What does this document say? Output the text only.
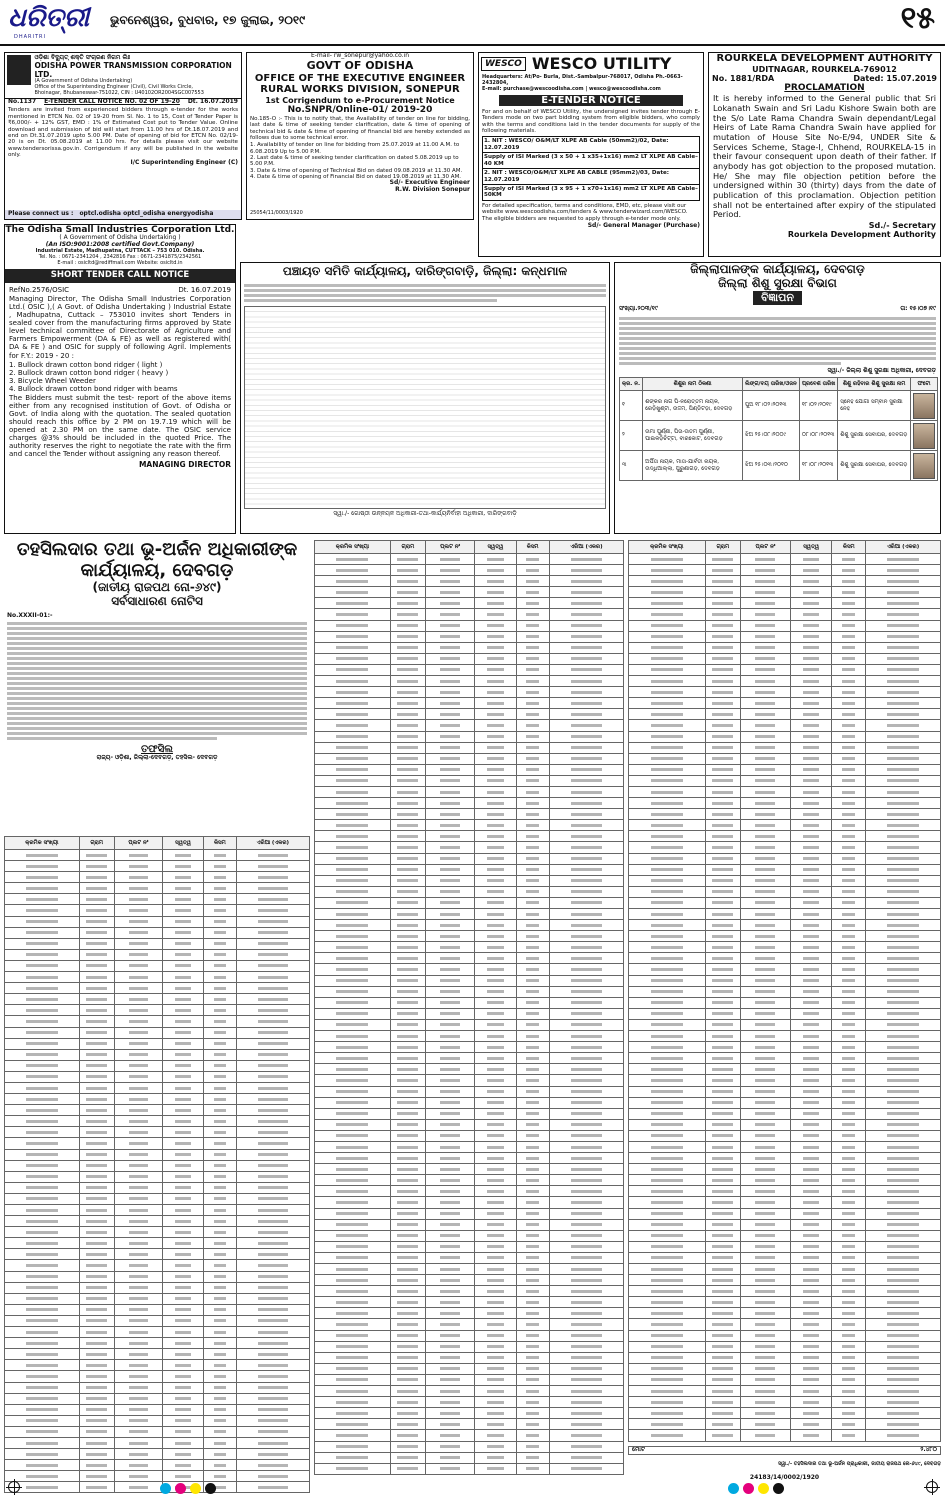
ଧରିତ୍ରୀ
DHARITRI
ଭୁବନେଶ୍ୱର, ବୁଧବାର, ୧୭ ଜୁଲାଇ, ୨୦୧୯	୧୫
ଓଡ଼ିଶା ବିଦ୍ୟୁତ୍ ଶକ୍ତି ସଂଚାରଣ ନିଗମ ଲିଃ
ODISHA POWER TRANSMISSION CORPORATION LTD.
(A Government of Odisha Undertaking)
Office of the Superintending Engineer (Civil), Civil Works Circle,
Bhoinagar, Bhubaneswar-751022, CIN : U40102OR2004SGC007553
No.1137 E-TENDER CALL NOTICE NO. 02 OF 19-20 Dt. 16.07.2019
Tenders are invited from experienced bidders through e-tender for the works mentioned in ETCN No. 02 of 19-20 from Sl. No. 1 to 15, Cost of Tender Paper is ₹6,000/- + 12% GST, EMD : 1% of Estimated Cost put to Tender Value. Online download and submission of bid will start from 11.00 hrs of Dt.18.07.2019 and end on Dt.31.07.2019 upto 5.00 PM. Date of opening of bid for ETCN No. 02/19-20 is on Dt. 05.08.2019 at 11.00 hrs. For details please visit our website www.tendersorissa.gov.in. Corrigendum if any will be published in the website only.
I/C Superintending Engineer (C)
Please connect us : optcl.odisha optcl_odisha energyodisha
E-mail- rw_sonepur@yahoo.co.in
GOVT OF ODISHA
OFFICE OF THE EXECUTIVE ENGINEER
RURAL WORKS DIVISION, SONEPUR
1st Corrigendum to e-Procurement Notice
No.SNPR/Online-01/ 2019-20
No.185-O :- This is to notify that, the Availability of tender on line for bidding, last date & time of seeking tender clarification, date & time of opening of technical bid & date & time of opening of financial bid are hereby extended as follows due to some technical error.
1. Availability of tender on line for bidding from 25.07.2019 at 11.00 A.M. to 6.08.2019 Up to 5.00 P.M.
2. Last date & time of seeking tender clarification on dated 5.08.2019 up to 5.00 P.M.
3. Date & time of opening of Technical Bid on dated 09.08.2019 at 11.30 AM.
4. Date & time of opening of Financial Bid on dated 19.08.2019 at 11.30 AM.
Sd/- Executive Engineer
R.W. Division Sonepur
25054/11/0003/1920
WESCO WESCO UTILITY
Headquarters: At/Po- Burla, Dist.-Sambalpur-768017, Odisha Ph.-0663-2432804,
E-mail: purchase@wescoodisha.com | wesco@wescoodisha.com
E-TENDER NOTICE
For and on behalf of WESCO Utility, the undersigned invites tender through E-Tenders mode on two part bidding system from eligible bidders, who comply with the terms and conditions laid in the tender documents for supply of the following materials.
1. NIT : WESCO/ O&M/LT XLPE AB Cable (50mm2)/02, Date: 12.07.2019
Supply of ISI Marked (3 x 50 + 1 x35+1x16) mm2 LT XLPE AB Cable– 40 KM
2. NIT : WESCO/O&M/LT XLPE AB CABLE (95mm2)/03, Date: 12.07.2019
Supply of ISI Marked (3 x 95 + 1 x70+1x16) mm2 LT XLPE AB Cable– 50KM
For detailed specification, terms and conditions, EMD, etc, please visit our website www.wescoodisha.com/tenders & www.tenderwizard.com/WESCO.
The eligible bidders are requested to apply through e-tender mode only.
Sd/- General Manager (Purchase)
ROURKELA DEVELOPMENT AUTHORITY
UDITNAGAR, ROURKELA-769012
No. 1881/RDA	Dated: 15.07.2019
PROCLAMATION
It is hereby informed to the General public that Sri Lokanath Swain and Sri Ladu Kishore Swain both are the S/o Late Rama Chandra Swain dependant/Legal Heirs of Late Rama Chandra Swain have applied for mutation of House Site No-E/94, UNDER Site & Services Scheme, Stage-I, Chhend, ROURKELA-15 in their favour consequent upon death of their father. If anybody has got objection to the proposed mutation. He/ She may file objection petition before the undersigned within 30 (thirty) days from the date of publication of this proclamation. Objection petition shall not be entertained after expiry of the stipulated Period.
Sd./- Secretary
Rourkela Development Authority
The Odisha Small Industries Corporation Ltd.
( A Government of Odisha Undertaking )
(An ISO:9001:2008 certified Govt.Company)
Industrial Estate, Madhupatna, CUTTACK – 753 010. Odisha.
Tel. No. : 0671-2341204 , 2342816 Fax : 0671-2341875/2342561
E-mail : osicltd@rediffmail.com Website: osicltd.in
SHORT TENDER CALL NOTICE
RefNo.2576/OSIC	Dt. 16.07.2019
Managing Director, The Odisha Small Industries Corporation Ltd.( OSIC ),( A Govt. of Odisha Undertaking ) Industrial Estate , Madhupatna, Cuttack – 753010 invites short Tenders in sealed cover from the manufacturing firms approved by State level technical committee of Directorate of Agriculture and Farmers Empowerment (DA & FE) as well as registered with( DA & FE ) and OSIC for supply of following Agril. Implements for F.Y.: 2019 - 20 :
1. Bullock drawn cotton bond ridger ( light )
2. Bullock drawn cotton bond ridger ( heavy )
3. Bicycle Wheel Weeder
4. Bullock drawn cotton bond ridger with beams
The Bidders must submit the test- report of the above items either from any recognised institution of Govt. of Odisha or Govt. of India along with the quotation. The sealed quotation should reach this office by 2 PM on 19.7.19 which will be opened at 2.30 PM on the same date. The OSIC service charges @3% should be included in the quoted Price. The authority reserves the right to negotiate the rate with the firm and cancel the Tender without assigning any reason thereof.
MANAGING DIRECTOR
ପଞ୍ଚାୟତ ସମିତି କାର୍ଯ୍ୟାଳୟ, ଦାରିଙ୍ଗବାଡ଼ି, ଜିଲ୍ଲା: କନ୍ଧମାଳ
ସ୍ୱା./- ଗୋଷ୍ଠୀ ଉନ୍ନୟନ ଅଧିକାରୀ-ତଥା-କାର୍ଯ୍ୟନିର୍ବାହୀ ଅଧିକାରୀ, ଦାରିଙ୍ଗବାଡ଼ି
ଜିଲ୍ଲାପାଳଙ୍କ କାର୍ଯ୍ୟାଳୟ, ଦେବଗଡ଼
ଜିଲ୍ଲା ଶିଶୁ ସୁରକ୍ଷା ବିଭାଗ
ବିଜ୍ଞାପନ
ସଂଖ୍ୟା.୨୦୩/୧୯	ତା: ୧୫।୦୭।୧୯
ସ୍ୱା./- ଜିଲ୍ଲା ଶିଶୁ ସୁରକ୍ଷା ଅଧିକାରୀ, ଦେବଗଡ଼
କ୍ର. ନ.	ଶିଶୁର ନାମ ଠିକଣା	ଲିଙ୍ଗ/ବୟ ତାରିଖ/ଓଜନ	ପ୍ରବେଶ ତାରିଖ	ଶିଶୁ ରହିବାର ଶିଶୁ ସୁରକ୍ଷା ନାମ	ଫଟୋ
୧	ଶଙ୍କର ନାଗ ପି-ନରୋତ୍ତମ ନାୟକ, ରେଡ଼ିଖୁଣ୍ଟା, ଉଦ୍ଦମ, ପିଣ୍ଡିଟଡ଼ା, ଦେବଗଡ଼	ପୁଅ ୧୮।୦୨।୨୦୧୩	୧୮।୦୨।୨୦୧୯	ସ୍ନେହ ଯୋଗୀ ସମ୍ବାନ ସୁରକ୍ଷା ନେହ	

୨	ଉମା ପୁର୍ଣ୍ଣୀ, ପିତା-ଉତମ ପୁର୍ଣ୍ଣୀ, ପାଇକଡ଼ିଚିଟ୍ଟା, ବାରକୋଟ, ଦେବଗଡ଼	ଝିଅ ୨୫।୦୮।୨୦୦୯	୦୮।୦୮।୨୦୧୩	ଶିଶୁ ସୁରକ୍ଷା ସେବାଘର, ଦେବଗଡ଼	

୩	ଅର୍ପିତା ନାୟକ, ମାତା-ଯାର୍ବତୀ ନାୟକ, ଉଦ୍ଧିଆଲ୍ଲା, ପୁରୁଣାଗଡ଼, ଦେବଗଡ଼	ଝିଅ ୨୫।୦୩।୨୦୧୦	୧୮।୦୮।୨୦୧୩	ଶିଶୁ ସୁରକ୍ଷା ସେବାଘର, ଦେବଗଡ଼	
ତହସିଲଦାର ତଥା ଭୂ-ଅର୍ଜନ ଅଧିକାରୀଙ୍କ
କାର୍ଯ୍ୟାଳୟ, ଦେବଗଡ଼
(ଜାତୀୟ ରାଜପଥ ନୋ-୬୪୯)
ସର୍ବସାଧାରଣ ନୋଟିସ
No.XXXII-01:-
ତଫସିଲ
ରାଜ୍ୟ- ଓଡ଼ିଶା, ଜିଲ୍ଲା-ଦେବଗଡ଼, ତହସିଲ- ଦେବଗଡ଼
କ୍ରମିକ ସଂଖ୍ୟା	ଗ୍ରାମ	ପ୍ଲଟ ନଂ	ସ୍ୱତ୍ୱ	କିସମ	ଏରିଆ (ଏକର)

କ୍ରମିକ ସଂଖ୍ୟା	ଗ୍ରାମ	ପ୍ଲଟ ନଂ	ସ୍ୱତ୍ୱ	କିସମ	ଏରିଆ (ଏକର)

		କ୍ରମିକ ସଂଖ୍ୟା	ଗ୍ରାମ	ପ୍ଲଟ ନଂ	ସ୍ୱତ୍ୱ	କିସମ	ଏରିଆ (ଏକର)

ମୋଟ	୨.୪୮୦
ସ୍ୱା./- ତହସିଲଦାର ତଥା ଭୂ-ଅର୍ଜନ ପ୍ରାଧିକାରୀ, ଜାତୀୟ ରାଜପଥ ନୋ-୬୪୯, ଦେବଗଡ଼
24183/14/0002/1920
